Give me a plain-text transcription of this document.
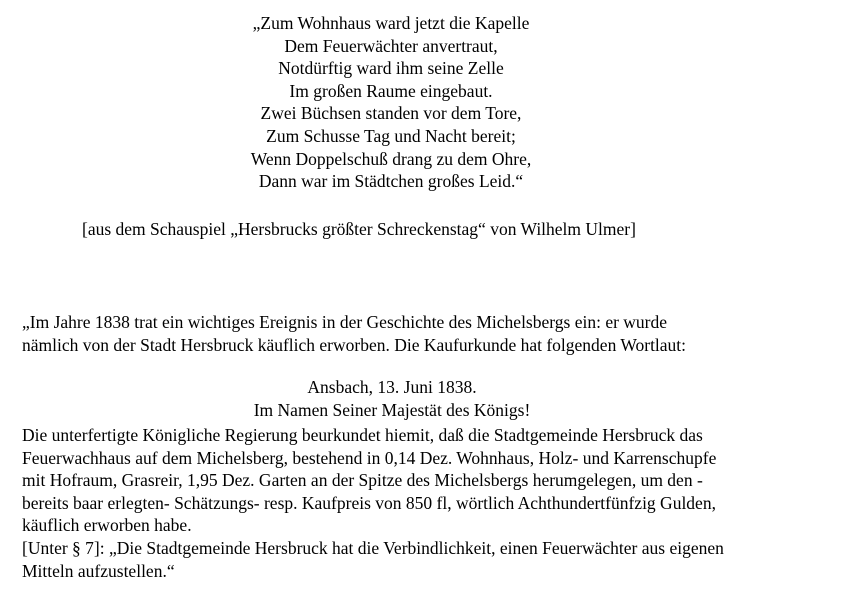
„Zum Wohnhaus ward jetzt die Kapelle
Dem Feuerwächter anvertraut,
Notdürftig ward ihm seine Zelle
Im großen Raume eingebaut.
Zwei Büchsen standen vor dem Tore,
Zum Schusse Tag und Nacht bereit;
Wenn Doppelschuß drang zu dem Ohre,
Dann war im Städtchen großes Leid.“
[aus dem Schauspiel „Hersbrucks größter Schreckenstag“ von Wilhelm Ulmer]
„Im Jahre 1838 trat ein wichtiges Ereignis in der Geschichte des Michelsbergs ein: er wurde
nämlich von der Stadt Hersbruck käuflich erworben. Die Kaufurkunde hat folgenden Wortlaut:
Ansbach, 13. Juni 1838.
Im Namen Seiner Majestät des Königs!
Die unterfertigte Königliche Regierung beurkundet hiemit, daß die Stadtgemeinde Hersbruck das
Feuerwachhaus auf dem Michelsberg, bestehend in 0,14 Dez. Wohnhaus, Holz- und Karrenschupfe
mit Hofraum, Grasreir, 1,95 Dez. Garten an der Spitze des Michelsbergs herumgelegen, um den -
bereits baar erlegten- Schätzungs- resp. Kaufpreis von 850 fl, wörtlich Achthundertfünfzig Gulden,
käuflich erworben habe.
[Unter § 7]: „Die Stadtgemeinde Hersbruck hat die Verbindlichkeit, einen Feuerwächter aus eigenen
Mitteln aufzustellen.“
